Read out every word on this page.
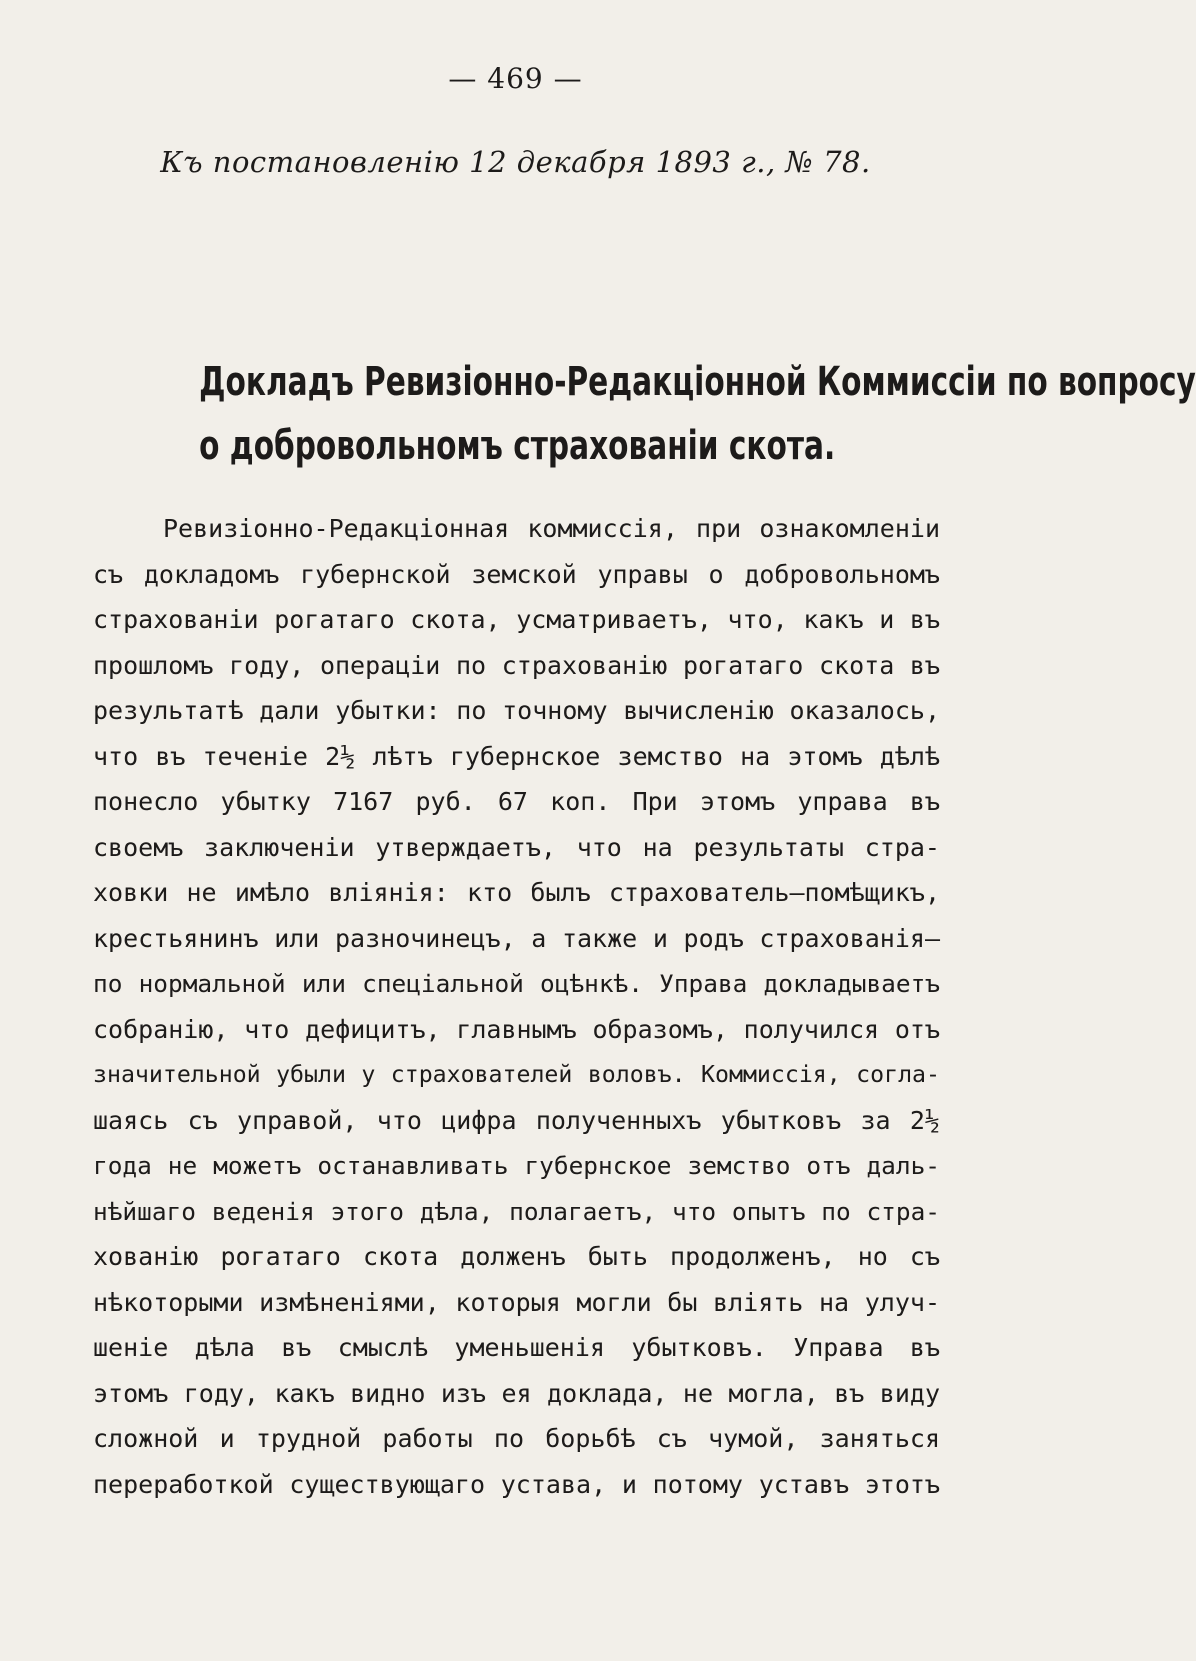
— 469 —
Къ постановленію 12 декабря 1893 г., № 78.
Докладъ Ревизіонно-Редакціонной Коммиссіи по вопросу
о добровольномъ страхованіи скота.
Ревизіонно-Редакціонная коммиссія, при ознакомленіи
съ докладомъ губернской земской управы о добровольномъ
страхованіи рогатаго скота, усматриваетъ, что, какъ и въ
прошломъ году, операціи по страхованію рогатаго скота въ
результатѣ дали убытки: по точному вычисленію оказалось,
что въ теченіе 2½ лѣтъ губернское земство на этомъ дѣлѣ
понесло убытку 7167 руб. 67 коп. При этомъ управа въ
своемъ заключеніи утверждаетъ, что на результаты стра-
ховки не имѣло вліянія: кто былъ страхователь—помѣщикъ,
крестьянинъ или разночинецъ, а также и родъ страхованія—
по нормальной или спеціальной оцѣнкѣ. Управа докладываетъ
собранію, что дефицитъ, главнымъ образомъ, получился отъ
значительной убыли у страхователей воловъ. Коммиссія, согла-
шаясь съ управой, что цифра полученныхъ убытковъ за 2½
года не можетъ останавливать губернское земство отъ даль-
нѣйшаго веденія этого дѣла, полагаетъ, что опытъ по стра-
хованію рогатаго скота долженъ быть продолженъ, но съ
нѣкоторыми измѣненіями, которыя могли бы вліять на улуч-
шеніе дѣла въ смыслѣ уменьшенія убытковъ. Управа въ
этомъ году, какъ видно изъ ея доклада, не могла, въ виду
сложной и трудной работы по борьбѣ съ чумой, заняться
переработкой существующаго устава, и потому уставъ этотъ
